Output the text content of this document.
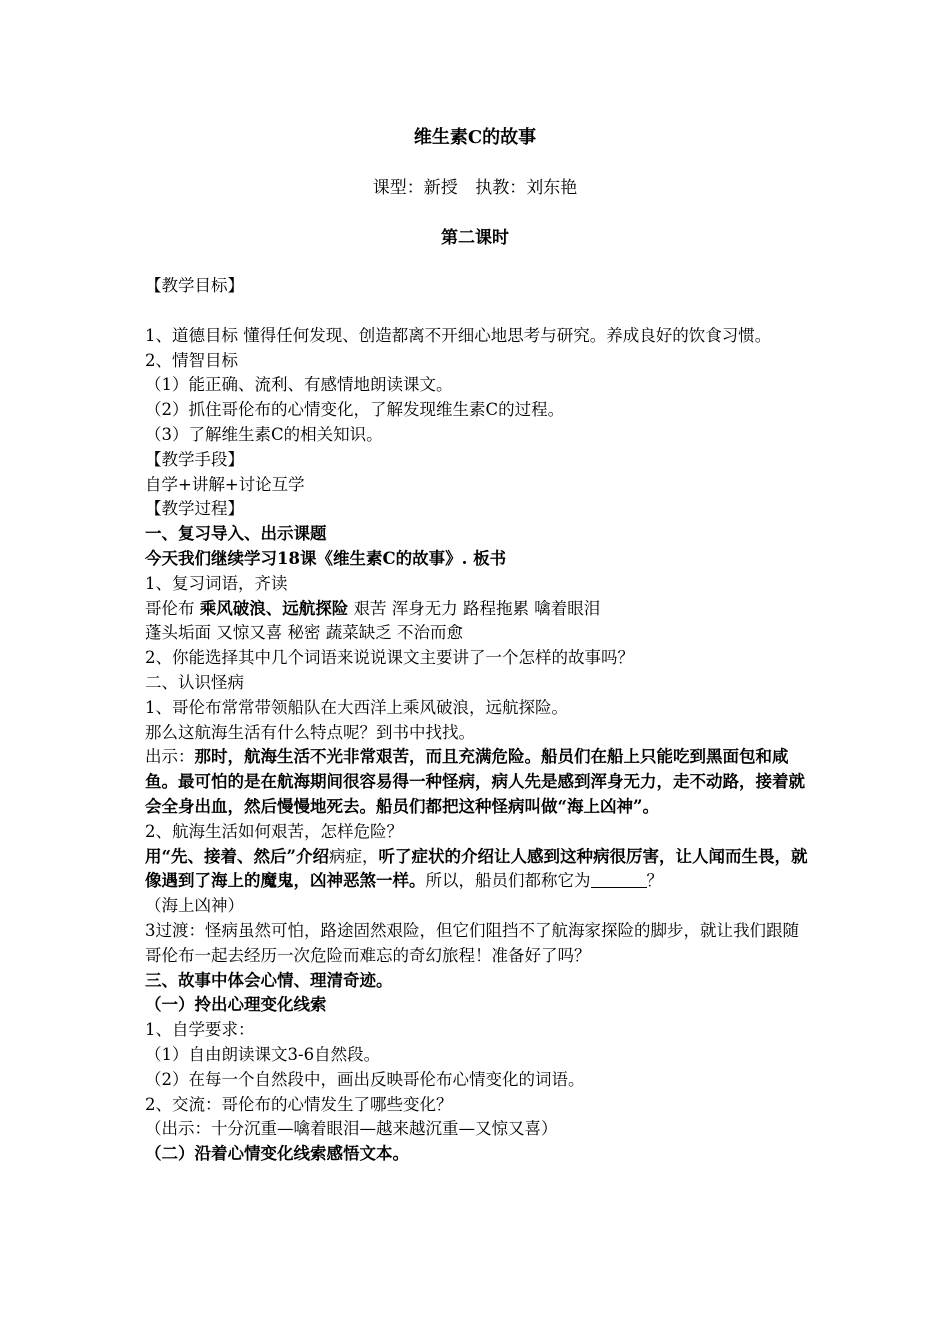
维生素C的故事
课型：新授 执教：刘东艳
第二课时

【教学目标】

1、道德目标 懂得任何发现、创造都离不开细心地思考与研究。养成良好的饮食习惯。

2、情智目标

（1）能正确、流利、有感情地朗读课文。

（2）抓住哥伦布的心情变化，了解发现维生素C的过程。

（3）了解维生素C的相关知识。

【教学手段】

自学+讲解+讨论互学

【教学过程】

一、复习导入、出示课题

今天我们继续学习18课《维生素C的故事》. 板书

1、复习词语，齐读

哥伦布 乘风破浪、远航探险 艰苦 浑身无力 路程拖累 噙着眼泪

蓬头垢面 又惊又喜 秘密 蔬菜缺乏 不治而愈

2、你能选择其中几个词语来说说课文主要讲了一个怎样的故事吗？

二、认识怪病

1、哥伦布常常带领船队在大西洋上乘风破浪，远航探险。

那么这航海生活有什么特点呢？到书中找找。

出示：那时，航海生活不光非常艰苦，而且充满危险。船员们在船上只能吃到黑面包和咸鱼。最可怕的是在航海期间很容易得一种怪病，病人先是感到浑身无力，走不动路，接着就会全身出血，然后慢慢地死去。船员们都把这种怪病叫做“海上凶神”。

2、航海生活如何艰苦，怎样危险？

用“先、接着、然后”介绍病症，听了症状的介绍让人感到这种病很厉害，让人闻而生畏，就像遇到了海上的魔鬼，凶神恶煞一样。所以，船员们都称它为	？

（海上凶神）

3过渡：怪病虽然可怕，路途固然艰险，但它们阻挡不了航海家探险的脚步，就让我们跟随哥伦布一起去经历一次危险而难忘的奇幻旅程！准备好了吗？

三、故事中体会心情、理清奇迹。

（一）拎出心理变化线索

1、自学要求：

（1）自由朗读课文3-6自然段。

（2）在每一个自然段中，画出反映哥伦布心情变化的词语。

2、交流：哥伦布的心情发生了哪些变化？

（出示：十分沉重—噙着眼泪—越来越沉重—又惊又喜）

（二）沿着心情变化线索感悟文本。
